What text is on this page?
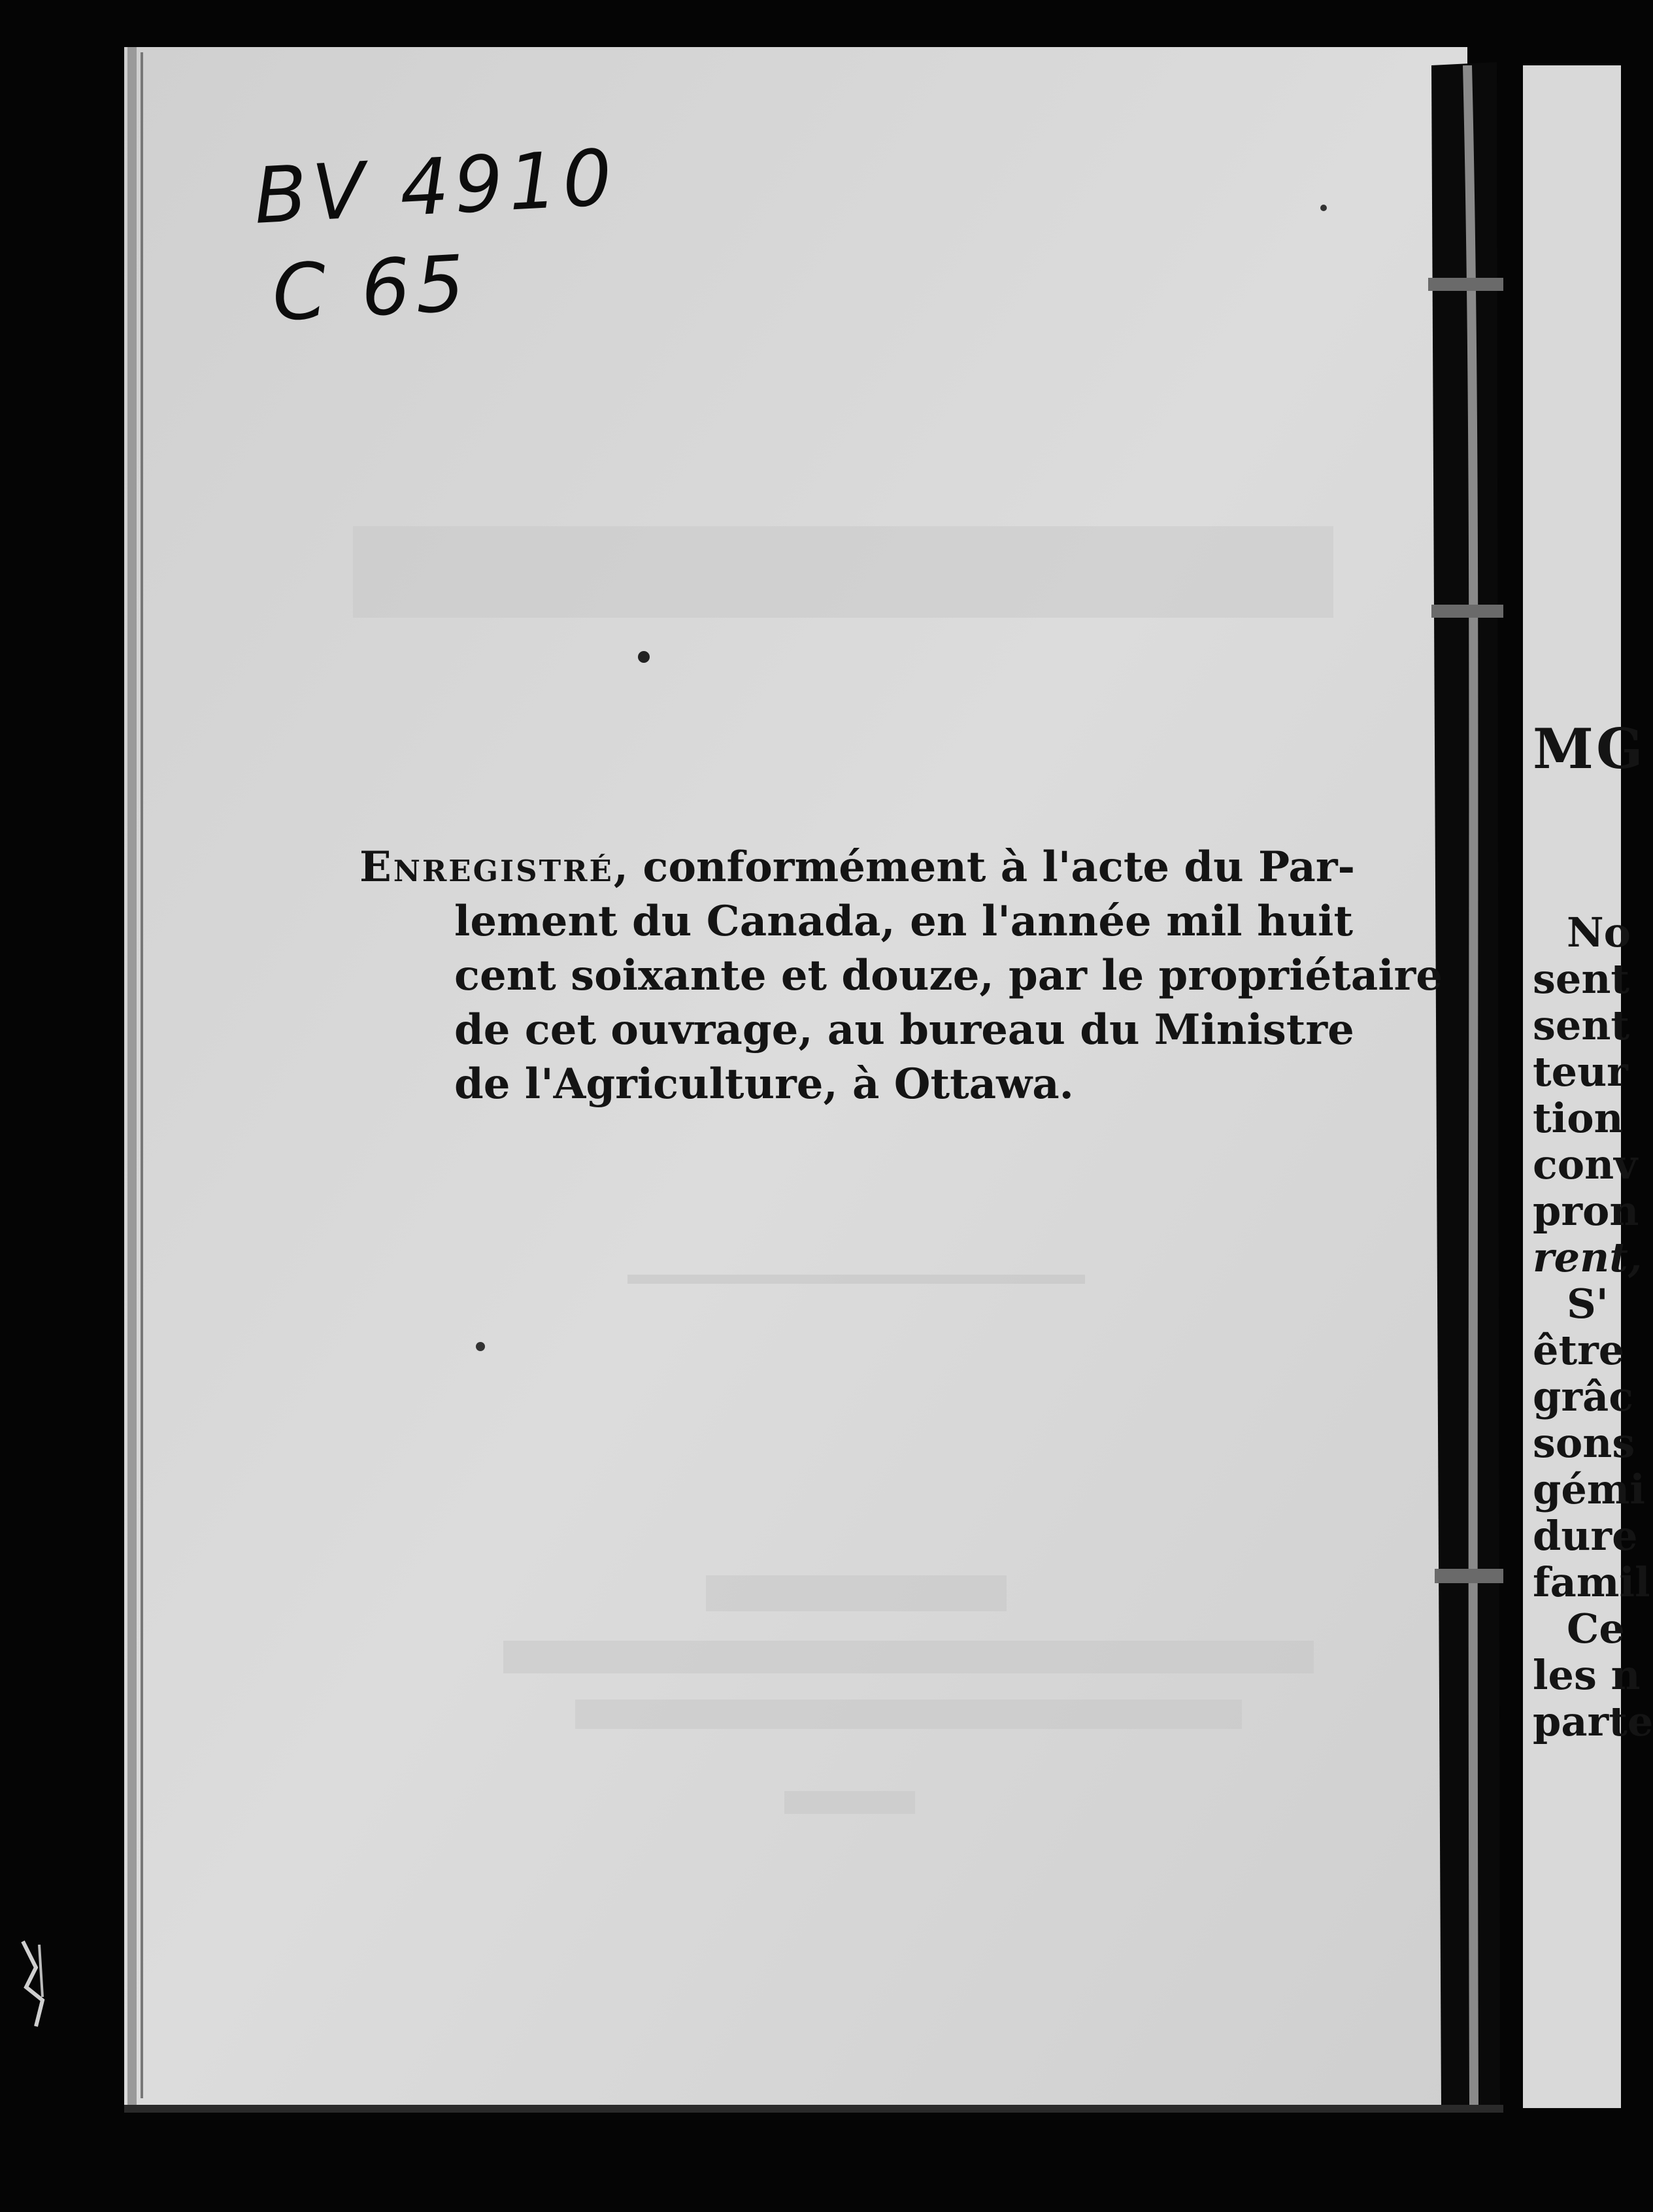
BV 4910
C 65
Enregistré, conformément à l'acte du Par-
lement du Canada, en l'année mil huit
cent soixante et douze, par le propriétaire
de cet ouvrage, au bureau du Ministre
de l'Agriculture, à Ottawa.
MG
No
sent
sent
teur
tion
conv
pron
rent,
S'
être
grâc
sons
gémi
dure
famil
Ce
les n
parte
